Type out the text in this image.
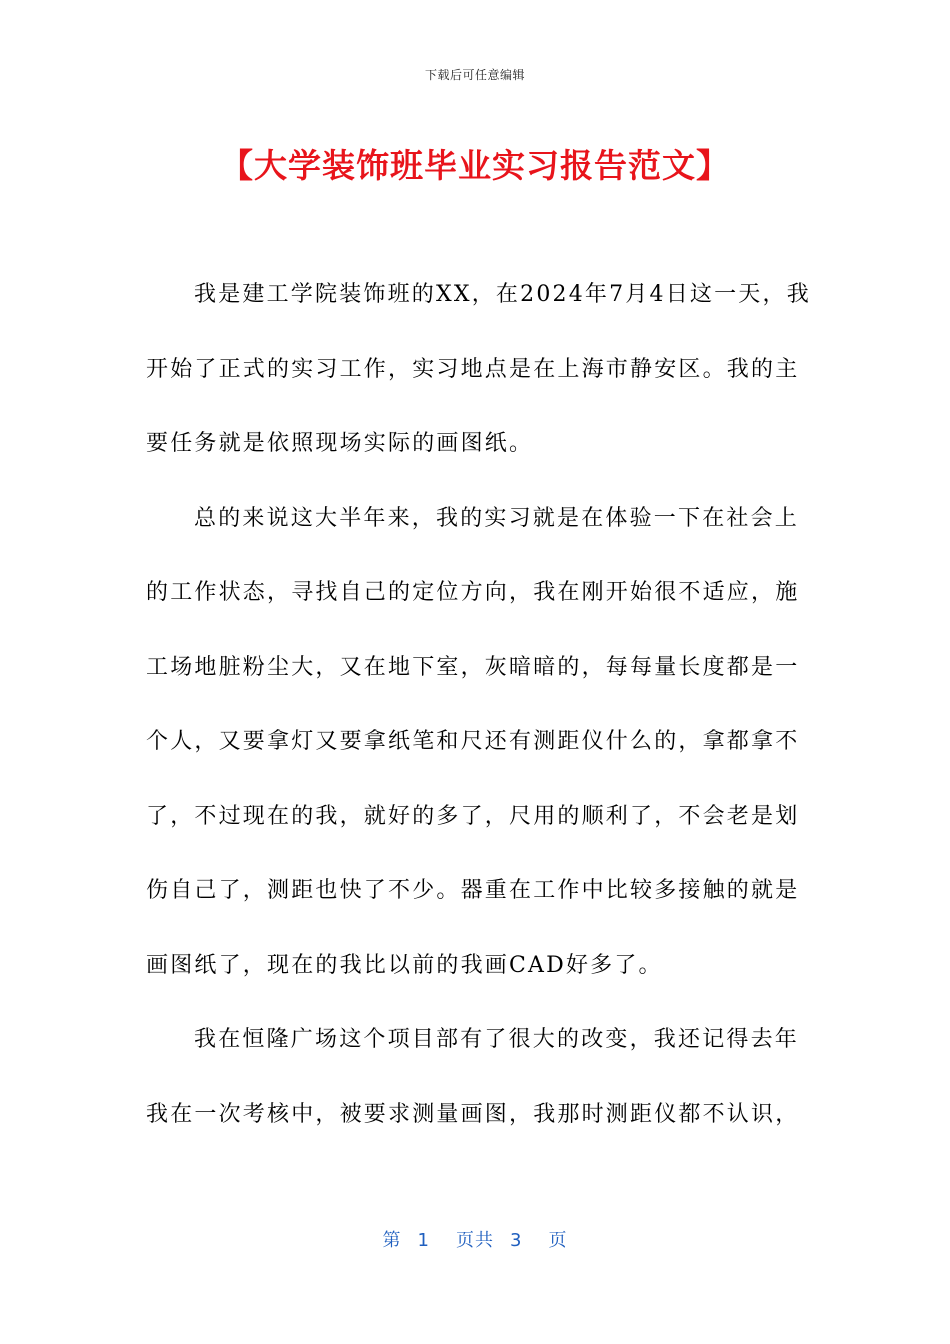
下载后可任意编辑
【大学装饰班毕业实习报告范文】
我是建工学院装饰班的XX，在2024年7月4日这一天，我
开始了正式的实习工作，实习地点是在上海市静安区。我的主
要任务就是依照现场实际的画图纸。
总的来说这大半年来，我的实习就是在体验一下在社会上
的工作状态，寻找自己的定位方向，我在刚开始很不适应，施
工场地脏粉尘大，又在地下室，灰暗暗的，每每量长度都是一
个人，又要拿灯又要拿纸笔和尺还有测距仪什么的，拿都拿不
了，不过现在的我，就好的多了，尺用的顺利了，不会老是划
伤自己了，测距也快了不少。器重在工作中比较多接触的就是
画图纸了，现在的我比以前的我画CAD好多了。
我在恒隆广场这个项目部有了很大的改变，我还记得去年
我在一次考核中，被要求测量画图，我那时测距仪都不认识，
第 1 页共 3 页
